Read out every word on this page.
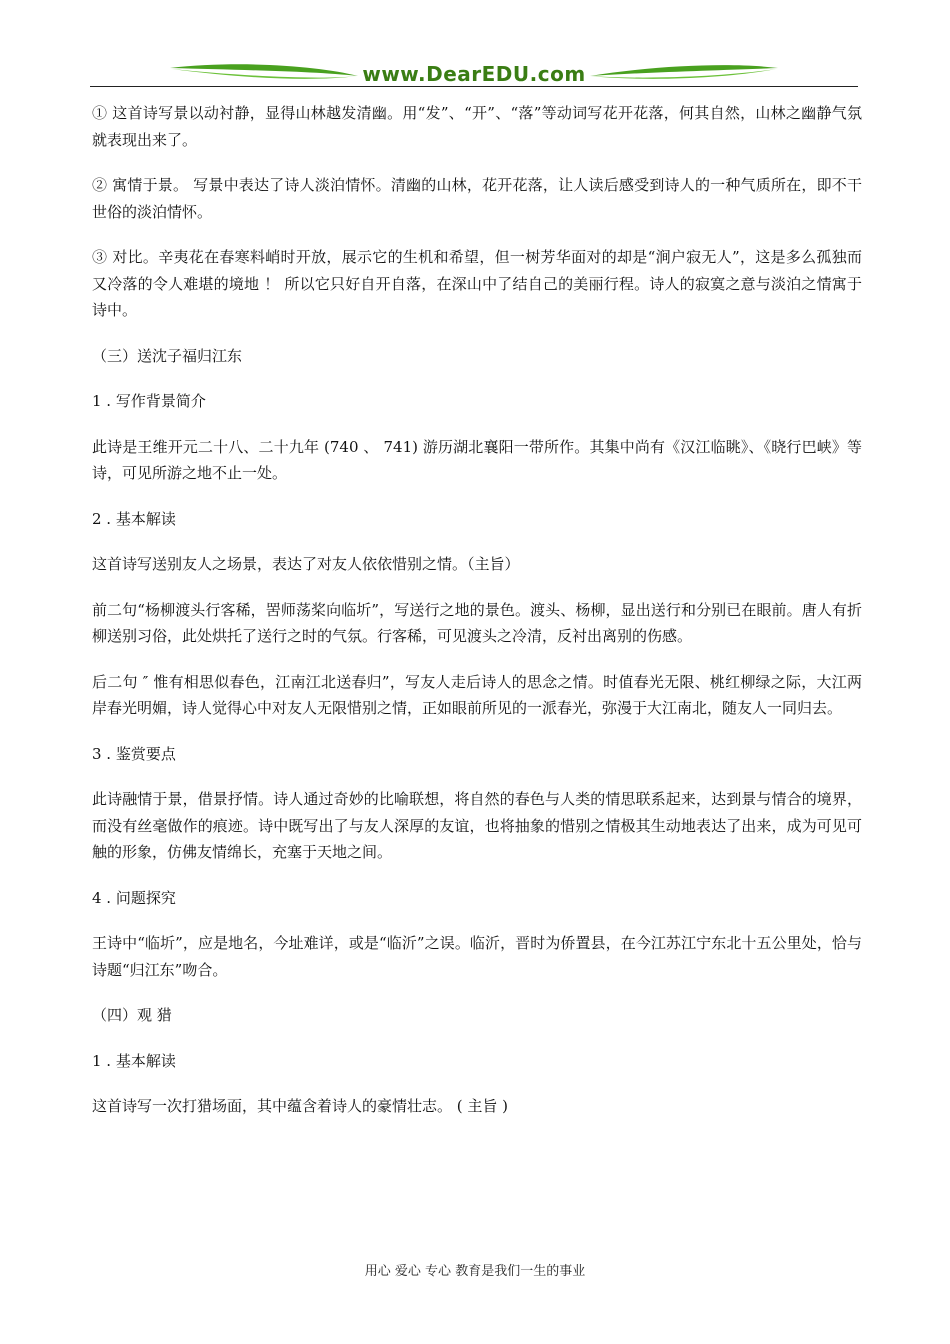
www.DearEDU.com

① 这首诗写景以动衬静，显得山林越发清幽。用“发”、“开”、“落”等动词写花开花落，何其自然，山林之幽静气氛就表现出来了。

② 寓情于景。 写景中表达了诗人淡泊情怀。清幽的山林，花开花落，让人读后感受到诗人的一种气质所在，即不干世俗的淡泊情怀。

③ 对比。辛夷花在春寒料峭时开放，展示它的生机和希望，但一树芳华面对的却是“涧户寂无人”，这是多么孤独而又冷落的令人难堪的境地 ！ 所以它只好自开自落，在深山中了结自己的美丽行程。诗人的寂寞之意与淡泊之情寓于诗中。

（三）送沈子福归江东

1 . 写作背景简介

此诗是王维开元二十八、二十九年 (740 、 741) 游历湖北襄阳一带所作。其集中尚有《汉江临眺》、《晓行巴峡》等诗，可见所游之地不止一处。

2 . 基本解读

这首诗写送别友人之场景，表达了对友人依依惜别之情。（主旨）

前二句“杨柳渡头行客稀，罟师荡桨向临圻”，写送行之地的景色。渡头、杨柳，显出送行和分别已在眼前。唐人有折柳送别习俗，此处烘托了送行之时的气氛。行客稀，可见渡头之冷清，反衬出离别的伤感。

后二句 ″ 惟有相思似春色，江南江北送春归”，写友人走后诗人的思念之情。时值春光无限、桃红柳绿之际，大江两岸春光明媚，诗人觉得心中对友人无限惜别之情，正如眼前所见的一派春光，弥漫于大江南北，随友人一同归去。

3 . 鉴赏要点

此诗融情于景，借景抒情。诗人通过奇妙的比喻联想，将自然的春色与人类的情思联系起来，达到景与情合的境界，而没有丝毫做作的痕迹。诗中既写出了与友人深厚的友谊，也将抽象的惜别之情极其生动地表达了出来，成为可见可触的形象，仿佛友情绵长，充塞于天地之间。

4 . 问题探究

王诗中“临圻”，应是地名，今址难详，或是“临沂”之误。临沂，晋时为侨置县，在今江苏江宁东北十五公里处，恰与诗题“归江东”吻合。

（四）观 猎

1 . 基本解读

这首诗写一次打猎场面，其中蕴含着诗人的豪情壮志。 ( 主旨 )

用心 爱心 专心 教育是我们一生的事业
